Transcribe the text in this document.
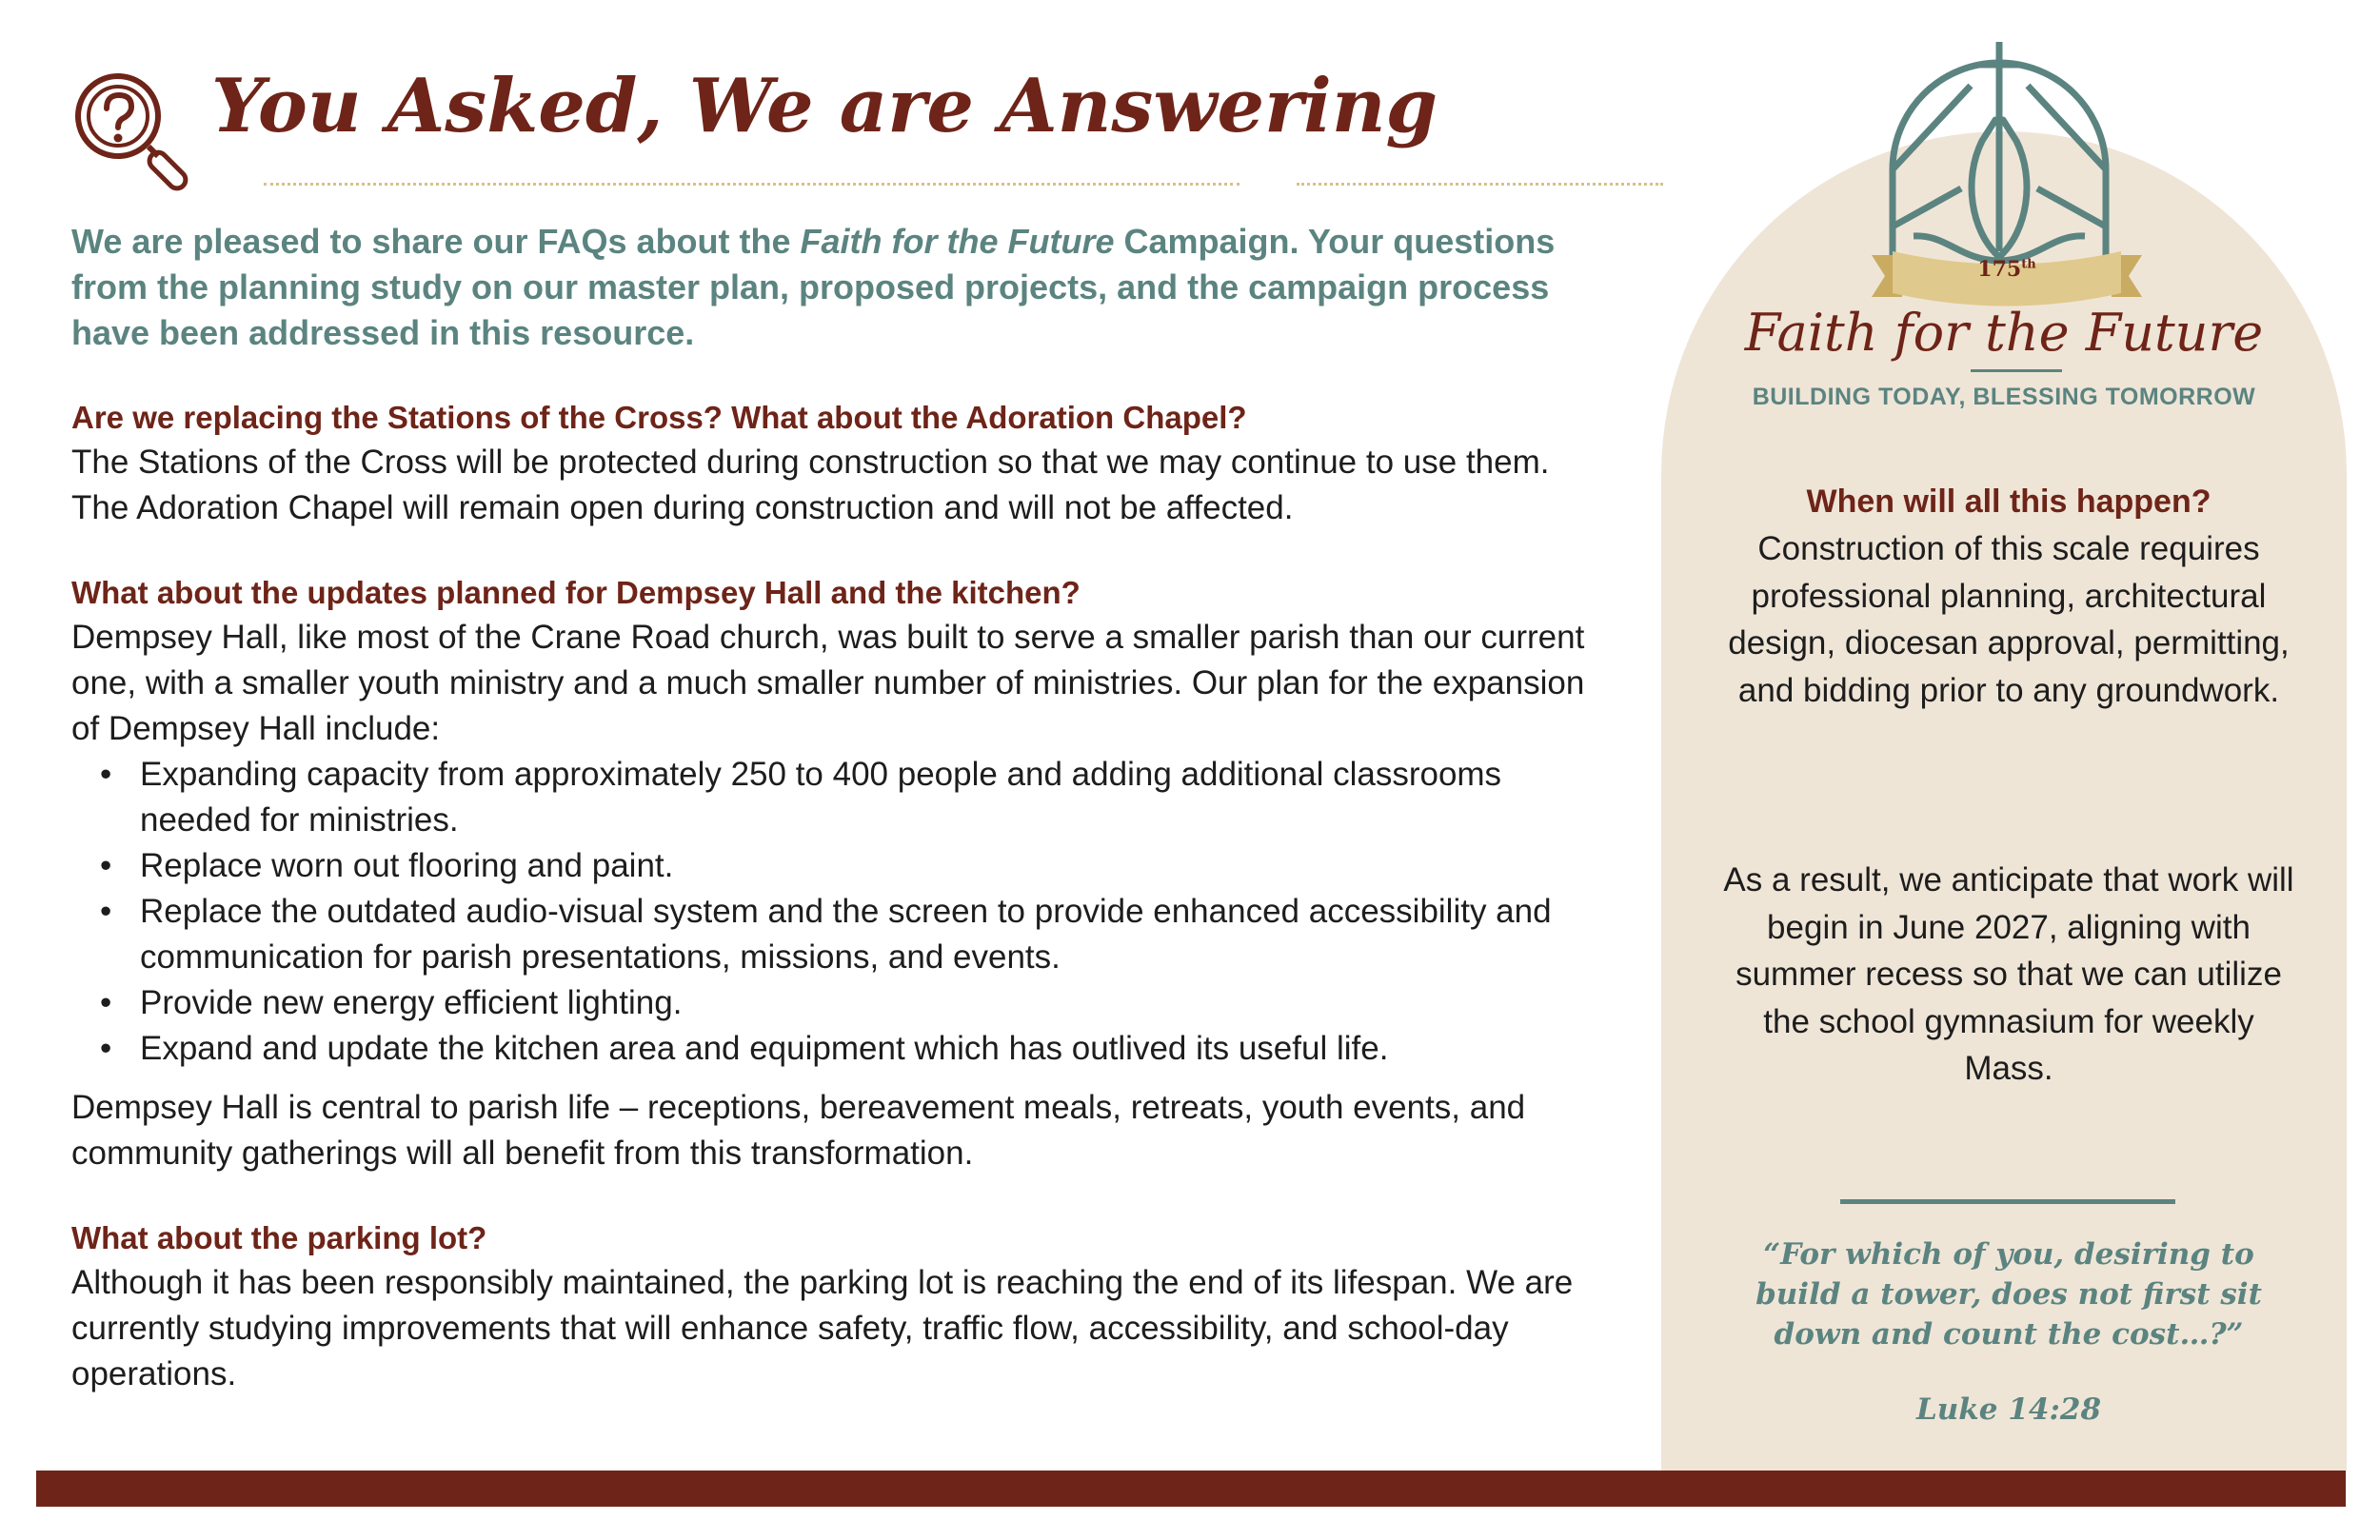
You Asked, We are Answering

We are pleased to share our FAQs about the Faith for the Future Campaign. Your questions from the planning study on our master plan, proposed projects, and the campaign process have been addressed in this resource.

Are we replacing the Stations of the Cross? What about the Adoration Chapel?

The Stations of the Cross will be protected during construction so that we may continue to use them. The Adoration Chapel will remain open during construction and will not be affected.

What about the updates planned for Dempsey Hall and the kitchen?

Dempsey Hall, like most of the Crane Road church, was built to serve a smaller parish than our current one, with a smaller youth ministry and a much smaller number of ministries. Our plan for the expansion of Dempsey Hall include:

• Expanding capacity from approximately 250 to 400 people and adding additional classrooms needed for ministries.
• Replace worn out flooring and paint.
• Replace the outdated audio-visual system and the screen to provide enhanced accessibility and communication for parish presentations, missions, and events.
• Provide new energy efficient lighting.
• Expand and update the kitchen area and equipment which has outlived its useful life.

Dempsey Hall is central to parish life – receptions, bereavement meals, retreats, youth events, and community gatherings will all benefit from this transformation.

What about the parking lot?

Although it has been responsibly maintained, the parking lot is reaching the end of its lifespan. We are currently studying improvements that will enhance safety, traffic flow, accessibility, and school-day operations.

175th
Faith for the Future
BUILDING TODAY, BLESSING TOMORROW

When will all this happen?

Construction of this scale requires professional planning, architectural design, diocesan approval, permitting, and bidding prior to any groundwork.

As a result, we anticipate that work will begin in June 2027, aligning with summer recess so that we can utilize the school gymnasium for weekly Mass.

“For which of you, desiring to build a tower, does not first sit down and count the cost…?”

Luke 14:28
